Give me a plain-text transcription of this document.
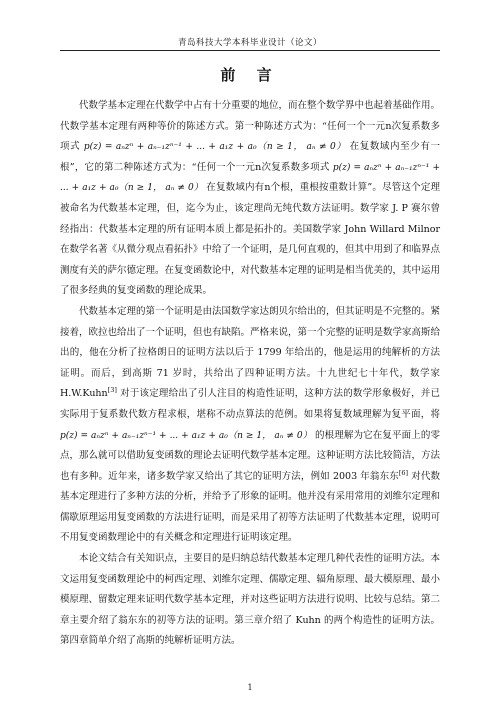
青岛科技大学本科毕业设计（论文）
前 言

代数学基本定理在代数学中占有十分重要的地位，而在整个数学界中也起着基础作用。代数学基本定理有两种等价的陈述方式。第一种陈述方式为：“任何一个一元n次复系数多项式 p(z) = aₙzⁿ + aₙ₋₁zⁿ⁻¹ + ... + a₁z + a₀（n ≥ 1， aₙ ≠ 0） 在复数域内至少有一根”，它的第二种陈述方式为：“任何一个一元n次复系数多项式 p(z) = aₙzⁿ + aₙ₋₁zⁿ⁻¹ + ... + a₁z + a₀（n ≥ 1， aₙ ≠ 0） 在复数域内有n个根，重根按重数计算”。尽管这个定理被命名为代数基本定理，但，迄今为止，该定理尚无纯代数方法证明。数学家 J. P 赛尔曾经指出：代数基本定理的所有证明本质上都是拓扑的。美国数学家 John Willard Milnor 在数学名著《从微分观点看拓扑》中给了一个证明，是几何直观的，但其中用到了和临界点测度有关的萨尔德定理。在复变函数论中，对代数基本定理的证明是相当优美的，其中运用了很多经典的复变函数的理论成果。

代数基本定理的第一个证明是由法国数学家达朗贝尔给出的，但其证明是不完整的。紧接着，欧拉也给出了一个证明，但也有缺陷。严格来说，第一个完整的证明是数学家高斯给出的，他在分析了拉格朗日的证明方法以后于 1799 年给出的，他是运用的纯解析的方法证明。而后，到高斯 71 岁时，共给出了四种证明方法。十九世纪七十年代，数学家 H.W.Kuhn[3] 对于该定理给出了引人注目的构造性证明，这种方法的数学形象极好，并已实际用于复系数代数方程求根，堪称不动点算法的范例。如果将复数域理解为复平面，将 p(z) = aₙzⁿ + aₙ₋₁zⁿ⁻¹ + ... + a₁z + a₀（n ≥ 1， aₙ ≠ 0） 的根理解为它在复平面上的零点，那么就可以借助复变函数的理论去证明代数学基本定理。这种证明方法比较简洁，方法也有多种。近年来，诸多数学家又给出了其它的证明方法，例如 2003 年翁东东[6] 对代数基本定理进行了多种方法的分析，并给予了形象的证明。他并没有采用常用的刘维尔定理和儒歇原理运用复变函数的方法进行证明，而是采用了初等方法证明了代数基本定理，说明可不用复变函数理论中的有关概念和定理进行证明该定理。

本论文结合有关知识点，主要目的是归纳总结代数基本定理几种代表性的证明方法。本文运用复变函数理论中的柯西定理、刘维尔定理、儒歇定理、辐角原理、最大模原理、最小模原理、留数定理来证明代数学基本定理，并对这些证明方法进行说明、比较与总结。第二章主要介绍了翁东东的初等方法的证明。第三章介绍了 Kuhn 的两个构造性的证明方法。第四章简单介绍了高斯的纯解析证明方法。

1
